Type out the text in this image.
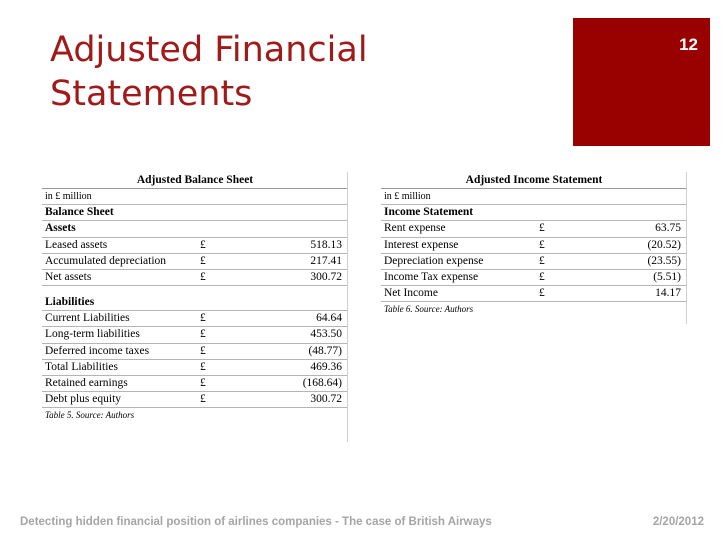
Adjusted Financial
Statements
12
Adjusted Balance Sheet
in £ million
Balance Sheet
Assets
Leased assets	£	518.13
Accumulated depreciation	£	217.41
Net assets	£	300.72
Liabilities
Current Liabilities	£	64.64
Long-term liabilities	£	453.50
Deferred income taxes	£	(48.77)
Total Liabilities	£	469.36
Retained earnings	£	(168.64)
Debt plus equity	£	300.72
Table 5. Source: Authors
Adjusted Income Statement
in £ million
Income Statement
Rent expense	£	63.75
Interest expense	£	(20.52)
Depreciation expense	£	(23.55)
Income Tax expense	£	(5.51)
Net Income	£	14.17
Table 6. Source: Authors
Detecting hidden financial position of airlines companies - The case of British Airways	2/20/2012
